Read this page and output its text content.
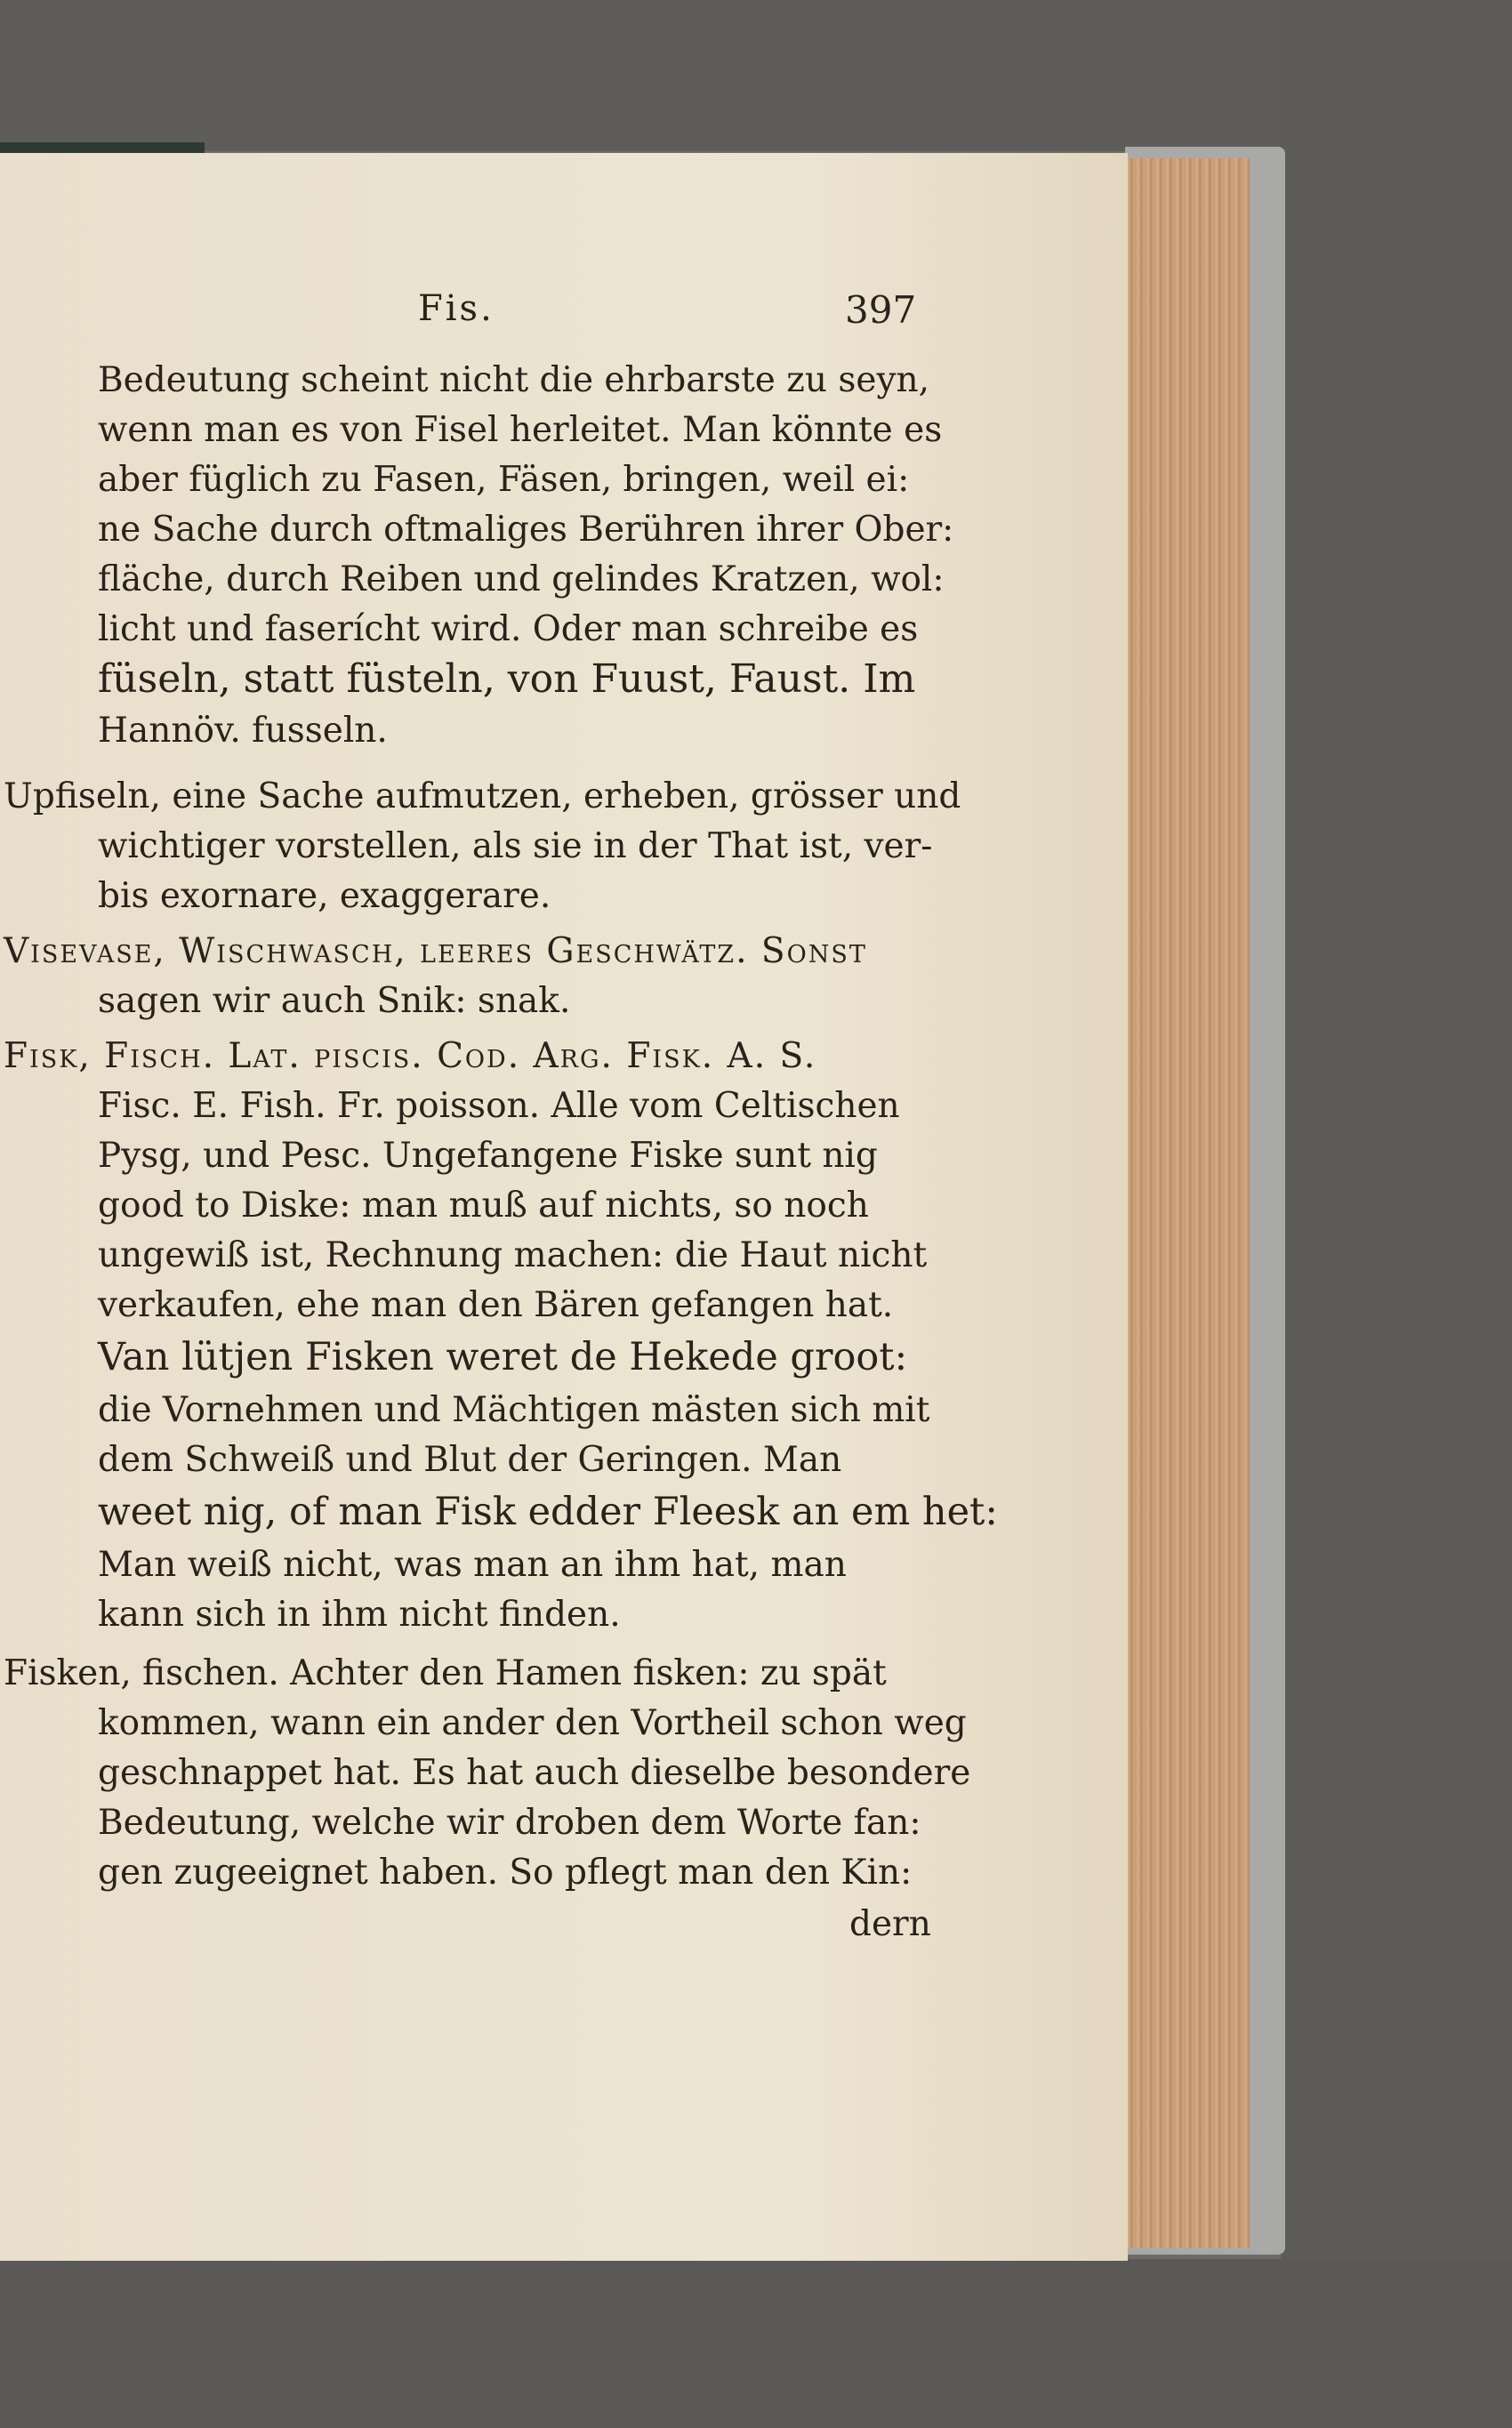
Fis.	397
Bedeutung scheint nicht die ehrbarste zu seyn,
wenn man es von Fisel herleitet. Man könnte es
aber füglich zu Fasen, Fäsen, bringen, weil ei:
ne Sache durch oftmaliges Berühren ihrer Ober:
fläche, durch Reiben und gelindes Kratzen, wol:
licht und faserícht wird. Oder man schreibe es
füseln, statt füsteln, von Fuust, Faust. Im
Hannöv. fusseln.
Upfiseln, eine Sache aufmutzen, erheben, grösser und
wichtiger vorstellen, als sie in der That ist, ver-
bis exornare, exaggerare.
Visevase, Wischwasch, leeres Geschwätz. Sonst
sagen wir auch Snik: snak.
Fisk, Fisch. Lat. piscis. Cod. Arg. Fisk. A. S.
Fisc. E. Fish. Fr. poisson. Alle vom Celtischen
Pysg, und Pesc. Ungefangene Fiske sunt nig
good to Diske: man muß auf nichts, so noch
ungewiß ist, Rechnung machen: die Haut nicht
verkaufen, ehe man den Bären gefangen hat.
Van lütjen Fisken weret de Hekede groot:
die Vornehmen und Mächtigen mästen sich mit
dem Schweiß und Blut der Geringen. Man
weet nig, of man Fisk edder Fleesk an em het:
Man weiß nicht, was man an ihm hat, man
kann sich in ihm nicht finden.
Fisken, fischen. Achter den Hamen fisken: zu spät
kommen, wann ein ander den Vortheil schon weg
geschnappet hat. Es hat auch dieselbe besondere
Bedeutung, welche wir droben dem Worte fan:
gen zugeeignet haben. So pflegt man den Kin:
dern
